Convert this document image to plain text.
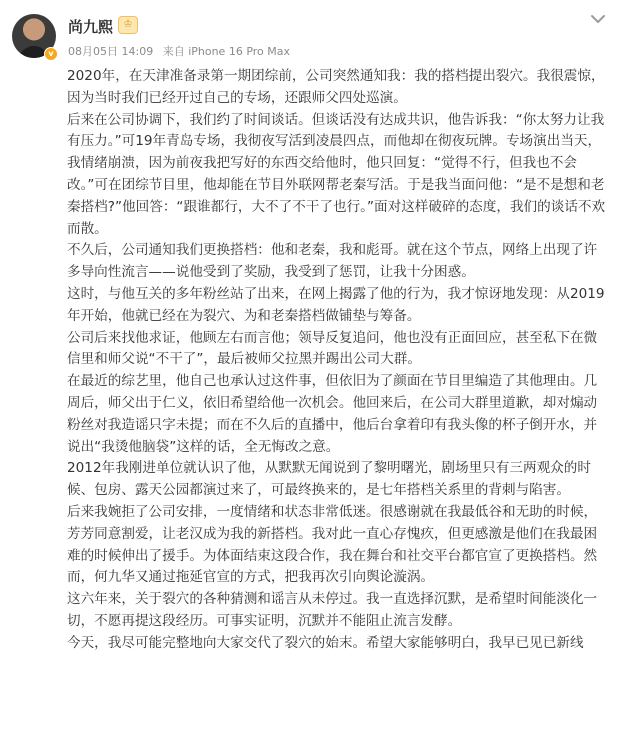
v
尚九熙	♔
08月05日 14:09 来自 iPhone 16 Pro Max

2020年，在天津准备录第一期团综前，公司突然通知我：我的搭档提出裂穴。我很震惊，因为当时我们已经开过自己的专场，还跟师父四处巡演。

后来在公司协调下，我们约了时间谈话。但谈话没有达成共识，他告诉我：“你太努力让我有压力。”可19年青岛专场，我彻夜写活到凌晨四点，而他却在彻夜玩牌。专场演出当天，我情绪崩溃，因为前夜我把写好的东西交给他时，他只回复：“觉得不行，但我也不会改。”可在团综节目里，他却能在节目外联网帮老秦写活。于是我当面问他：“是不是想和老秦搭档?”他回答：“跟谁都行，大不了不干了也行。”面对这样破碎的态度，我们的谈话不欢而散。

不久后，公司通知我们更换搭档：他和老秦，我和彪哥。就在这个节点，网络上出现了许多导向性流言——说他受到了奖励，我受到了惩罚，让我十分困惑。

这时，与他互关的多年粉丝站了出来，在网上揭露了他的行为，我才惊讶地发现：从2019年开始，他就已经在为裂穴、为和老秦搭档做铺垫与筹备。

公司后来找他求证，他顾左右而言他；领导反复追问，他也没有正面回应，甚至私下在微信里和师父说“不干了”，最后被师父拉黑并踢出公司大群。

在最近的综艺里，他自己也承认过这件事，但依旧为了颜面在节目里编造了其他理由。几周后，师父出于仁义，依旧希望给他一次机会。他回来后，在公司大群里道歉，却对煽动粉丝对我造谣只字未提；而在不久后的直播中，他后台拿着印有我头像的杯子倒开水，并说出“我烫他脑袋”这样的话，全无悔改之意。

2012年我刚进单位就认识了他，从默默无闻说到了黎明曙光，剧场里只有三两观众的时候、包房、露天公园都演过来了，可最终换来的，是七年搭档关系里的背刺与陷害。

后来我婉拒了公司安排，一度情绪和状态非常低迷。很感谢就在我最低谷和无助的时候，芳芳同意割爱，让老汉成为我的新搭档。我对此一直心存愧疚，但更感激是他们在我最困难的时候伸出了援手。为体面结束这段合作，我在舞台和社交平台都官宣了更换搭档。然而，何九华又通过拖延官宣的方式，把我再次引向舆论漩涡。

这六年来，关于裂穴的各种猜测和谣言从未停过。我一直选择沉默，是希望时间能淡化一切，不愿再提这段经历。可事实证明，沉默并不能阻止流言发酵。

今天，我尽可能完整地向大家交代了裂穴的始末。希望大家能够明白，我早已见已新线
